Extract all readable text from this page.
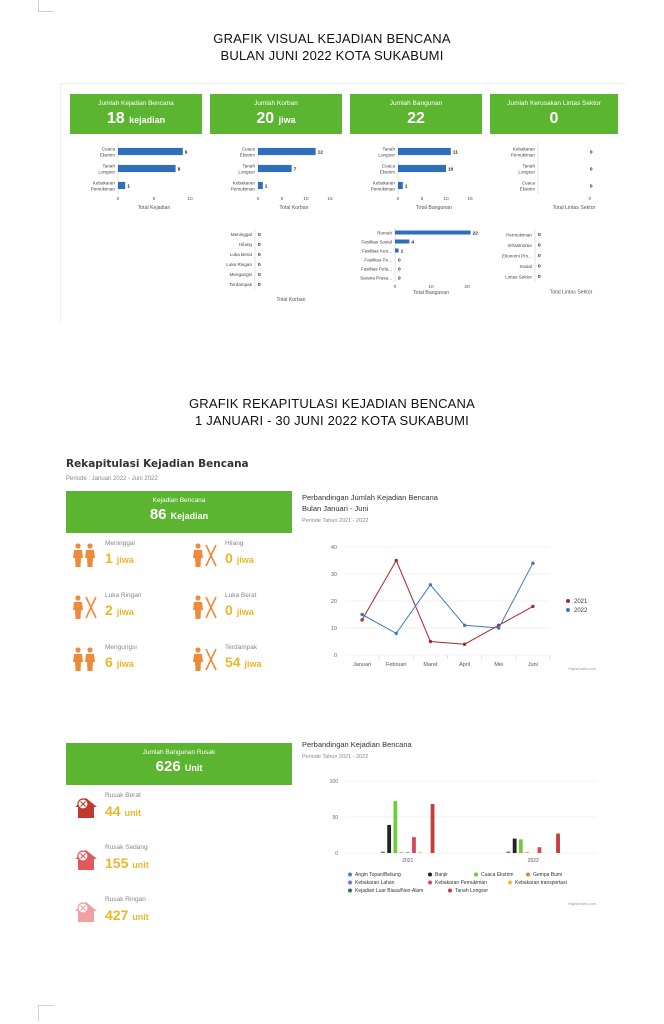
GRAFIK VISUAL KEJADIAN BENCANA
BULAN JUNI 2022 KOTA SUKABUMI
Jumlah Kejadian Bencana
18 kejadian
Jumlah Korban
20 jiwa
Jumlah Bangunan
22
Jumlah Kerusakan Lintas Sektor
0
Cuaca
Ekstrim	9
Tanah
Longsor	8
Kebakaran
Pemukiman	1
0	5	10
Total Kejadian
Cuaca
Ekstrim	12
Tanah
Longsor	7
Kebakaran
Pemukiman 1
0	5	10	15
Total Korban
Tanah
Longsor	11
Cuaca
Ekstrim	10
Kebakaran
Pemukiman 1
0	5	10	15
Total Bangunan
Kebakaran
Pemukiman	0
Tanah
Longsor	0
Cuaca
Ekstrim	0
0
Total Lintas Sektor
Meninggal 0
Hilang 0
Luka Berat 0
Luka Ringan 0
Mengungsi 0
Terdampak 0
Total Korban
Rumah	22
Fasilitas Sosial	4
Fasilitas Ken... 1
Fasilitas Pe... 0
Fasilitas Pela... 0
Sarana Prasa... 0
0	10	20
Total Bangunan
Permukiman 0
Infrastruktur 0
Ekonomi Pro... 0
Sosial 0
Lintas Sektor 0
Total Lintas Sektor
GRAFIK REKAPITULASI KEJADIAN BENCANA
1 JANUARI - 30 JUNI 2022 KOTA SUKABUMI
Rekapitulasi Kejadian Bencana
Periode : Januari 2022 - Juni 2022
Kejadian Bencana
86 Kejadian
Meninggal
1 jiwa
Hilang
0 jiwa
Luka Ringan
2 jiwa
Luka Berat
0 jiwa
Mengungsi
6 jiwa
Terdampak
54 jiwa
Jumlah Bangunan Rusak
626 Unit
Rusak Berat
44 unit
Rusak Sedang
155 unit
Rusak Ringan
427 unit
Perbandingan Jumlah Kejadian Bencana
Bulan Januari - Juni
Periode Tahun 2021 - 2022
0
10
20
30
40
Januari	Februari	Maret	April	Mei	Juni
2021
2022
Highcharts.com
Perbandingan Kejadian Bencana
Periode Tahun 2021 - 2022
0
50
100
2021	2022
Angin Topan/Beliung	Banjir	Cuaca Ekstrim	Gempa Bumi
Kebakaran Lahan	Kebakaran Pemukiman	Kebakaran transportasi
Kejadian Luar Biasa/Non-Alam	Tanah Longsor
Highcharts.com
